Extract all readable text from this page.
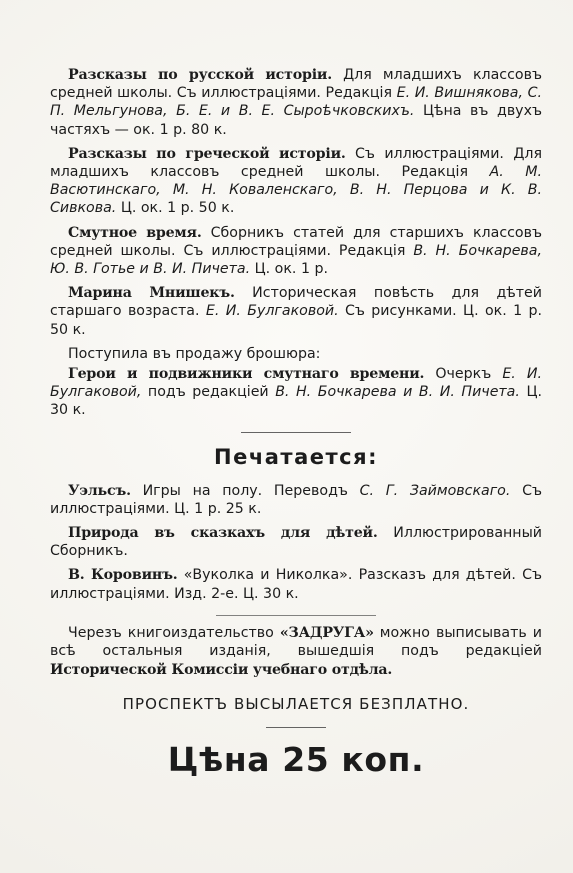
Разсказы по русской исторіи. Для младшихъ классовъ средней школы. Съ иллюстраціями. Редакція Е. И. Вишнякова, С. П. Мельгунова, Б. Е. и В. Е. Сыроѣчковскихъ. Цѣна въ двухъ частяхъ — ок. 1 р. 80 к.
Разсказы по греческой исторіи. Съ иллюстраціями. Для младшихъ классовъ средней школы. Редакція А. М. Васютинскаго, М. Н. Коваленскаго, В. Н. Перцова и К. В. Сивкова. Ц. ок. 1 р. 50 к.
Смутное время. Сборникъ статей для старшихъ классовъ средней школы. Съ иллюстраціями. Редакція В. Н. Бочкарева, Ю. В. Готье и В. И. Пичета. Ц. ок. 1 р.
Марина Мнишекъ. Историческая повѣсть для дѣтей старшаго возраста. Е. И. Булгаковой. Съ рисунками. Ц. ок. 1 р. 50 к.
Поступила въ продажу брошюра:
Герои и подвижники смутнаго времени. Очеркъ Е. И. Булгаковой, подъ редакціей В. Н. Бочкарева и В. И. Пичета. Ц. 30 к.
Печатается:
Уэльсъ. Игры на полу. Переводъ С. Г. Займовскаго. Съ иллюстраціями. Ц. 1 р. 25 к.
Природа въ сказкахъ для дѣтей. Иллюстрированный Сборникъ.
В. Коровинъ. «Вуколка и Николка». Разсказъ для дѣтей. Съ иллюстраціями. Изд. 2-е. Ц. 30 к.
Черезъ книгоиздательство «ЗАДРУГА» можно выписывать и всѣ остальныя изданія, вышедшія подъ редакціей Исторической Комиссіи учебнаго отдѣла.
ПРОСПЕКТЪ ВЫСЫЛАЕТСЯ БЕЗПЛАТНО.
Цѣна 25 коп.
